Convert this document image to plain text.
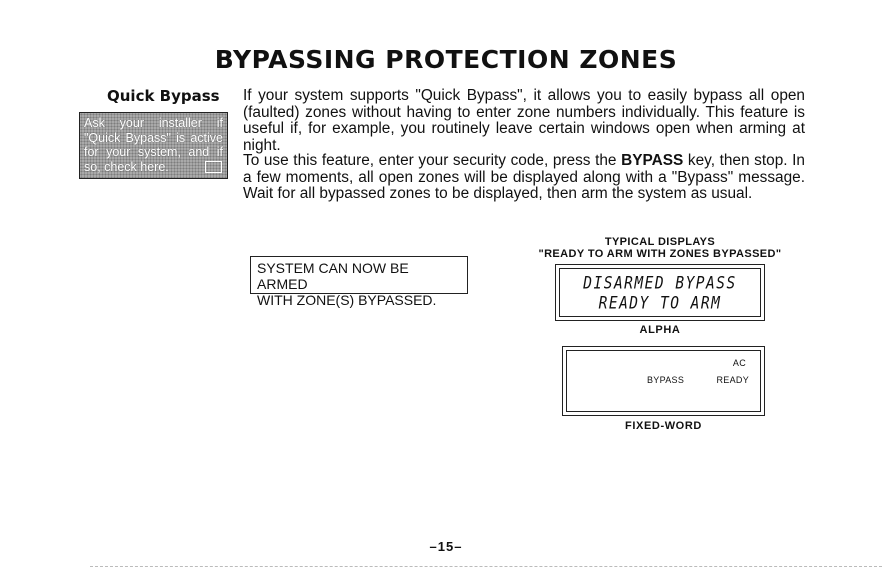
BYPASSING PROTECTION ZONES
Quick Bypass
Ask your installer if "Quick Bypass" is active for your system, and if so, check here.

If your system supports "Quick Bypass", it allows you to easily bypass all open (faulted) zones without having to enter zone numbers individually. This feature is useful if, for example, you routinely leave certain windows open when arming at night.

To use this feature, enter your security code, press the BYPASS key, then stop. In a few moments, all open zones will be displayed along with a "Bypass" message. Wait for all bypassed zones to be displayed, then arm the system as usual.

SYSTEM CAN NOW BE ARMED
WITH ZONE(S) BYPASSED.
TYPICAL DISPLAYS
"READY TO ARM WITH ZONES BYPASSED"
DISARMED BYPASS
READY TO ARM
ALPHA
AC
BYPASS	READY
FIXED-WORD
–15–
